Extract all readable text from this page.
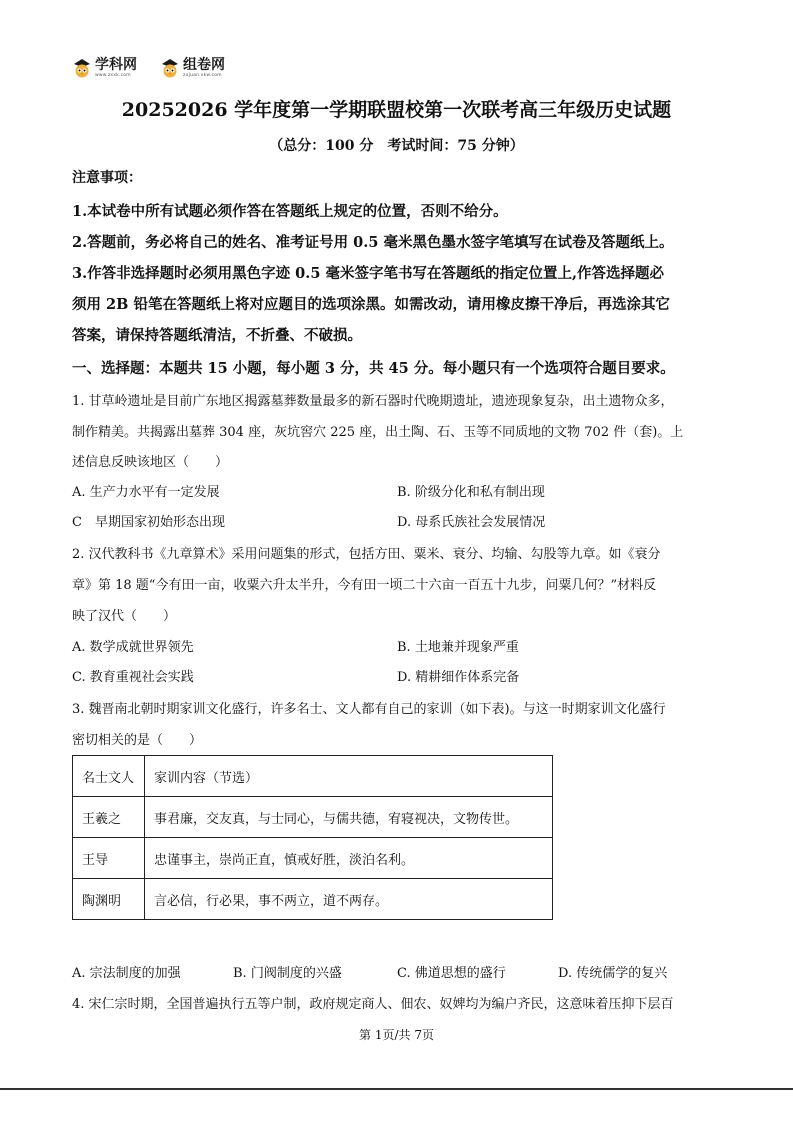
学科网
www.zxxk.com
组卷网
zujuan.xkw.com
20252026 学年度第一学期联盟校第一次联考高三年级历史试题
（总分：100 分　考试时间：75 分钟）
注意事项：
1.本试卷中所有试题必须作答在答题纸上规定的位置，否则不给分。
2.答题前，务必将自己的姓名、准考证号用 0.5 毫米黑色墨水签字笔填写在试卷及答题纸上。
3.作答非选择题时必须用黑色字迹 0.5 毫米签字笔书写在答题纸的指定位置上,作答选择题必
须用 2B 铅笔在答题纸上将对应题目的选项涂黑。如需改动，请用橡皮擦干净后，再选涂其它
答案，请保持答题纸清洁，不折叠、不破损。
一、选择题：本题共 15 小题，每小题 3 分，共 45 分。每小题只有一个选项符合题目要求。
1. 甘草岭遗址是目前广东地区揭露墓葬数量最多的新石器时代晚期遗址，遗迹现象复杂，出土遗物众多，
制作精美。共揭露出墓葬 304 座，灰坑窖穴 225 座，出土陶、石、玉等不同质地的文物 702 件（套)。上
述信息反映该地区（　　）
A. 生产力水平有一定发展	B. 阶级分化和私有制出现
C　早期国家初始形态出现	D. 母系氏族社会发展情况
2. 汉代教科书《九章算术》采用问题集的形式，包括方田、粟米、衰分、均输、勾股等九章。如《衰分
章》第 18 题“今有田一亩，收粟六升太半升，今有田一顷二十六亩一百五十九步，问粟几何？”材料反
映了汉代（　　）
A. 数学成就世界领先	B. 土地兼并现象严重
C. 教育重视社会实践	D. 精耕细作体系完备
3. 魏晋南北朝时期家训文化盛行，许多名士、文人都有自己的家训（如下表)。与这一时期家训文化盛行
密切相关的是（　　）
名士文人	家训内容（节选）
王羲之	事君廉，交友真，与士同心，与儒共德，宥寝视决，文物传世。
王导	忠谨事主，崇尚正直，慎戒好胜，淡泊名利。
陶渊明	言必信，行必果，事不两立，道不两存。
A. 宗法制度的加强	B. 门阀制度的兴盛	C. 佛道思想的盛行	D. 传统儒学的复兴
4. 宋仁宗时期，全国普遍执行五等户制，政府规定商人、佃农、奴婢均为编户齐民，这意味着压抑下层百
第 1页/共 7页
